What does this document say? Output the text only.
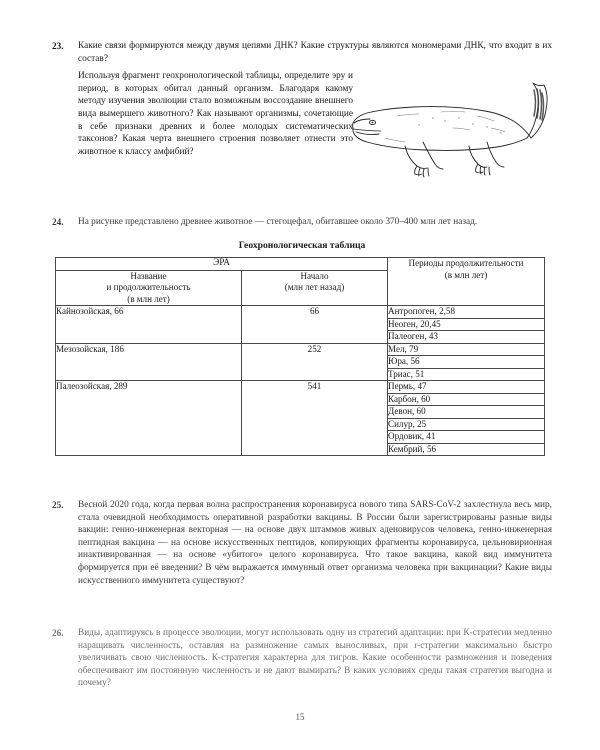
23.	Какие связи формируются между двумя цепями ДНК? Какие структуры являются мономерами ДНК, что входит в их состав?

Используя фрагмент геохронологической таблицы, определите эру и период, в которых обитал данный организм. Благодаря какому методу изучения эволюции стало возможным воссоздание внешнего вида вымершего животного? Как называют организмы, сочетающие в себе признаки древних и более молодых систематических таксонов? Какая черта внешнего строения позволяет отнести это животное к классу амфибий?

24.	На рисунке представлено древнее животное — стегоцефал, обитавшее около 370–400 млн лет назад.

Геохронологическая таблица
ЭРА		Периоды продолжительности
(в млн лет)

Название
и продолжительность
(в млн лет)	Начало
(млн лет назад)	

Кайнозойская, 66	66	Антропоген, 2,58
		Неоген, 20,45
		Палеоген, 43
Мезозойская, 186	252	Мел, 79
		Юра, 56
		Триас, 51
Палеозойская, 289	541	Пермь, 47
		Карбон, 60
		Девон, 60
		Силур, 25
		Ордовик, 41
		Кембрий, 56
25.	Весной 2020 года, когда первая волна распространения коронавируса нового типа SARS-CoV-2 захлестнула весь мир, стала очевидной необходимость оперативной разработки вакцины. В России были зарегистрированы разные виды вакцин: генно-инженерная векторная — на основе двух штаммов живых аденовирусов человека, генно-инженерная пептидная вакцина — на основе искусственных пептидов, копирующих фрагменты коронавируса, цельновирионная инактивированная — на основе «убитого» целого коронавируса. Что такое вакцина, какой вид иммунитета формируется при её введении? В чём выражается иммунный ответ организма человека при вакцинации? Какие виды искусственного иммунитета существуют?

26.	Виды, адаптируясь в процессе эволюции, могут использовать одну из стратегий адаптации: при К-стратегии медленно наращивать численность, оставляя на размножение самых выносливых, при r-стратегии максимально быстро увеличивать свою численность. К-стратегия характерна для тигров. Какие особенности размножения и поведения обеспечивают им постоянную численность и не дают вымирать? В каких условиях среды такая стратегия выгодна и почему?

15
